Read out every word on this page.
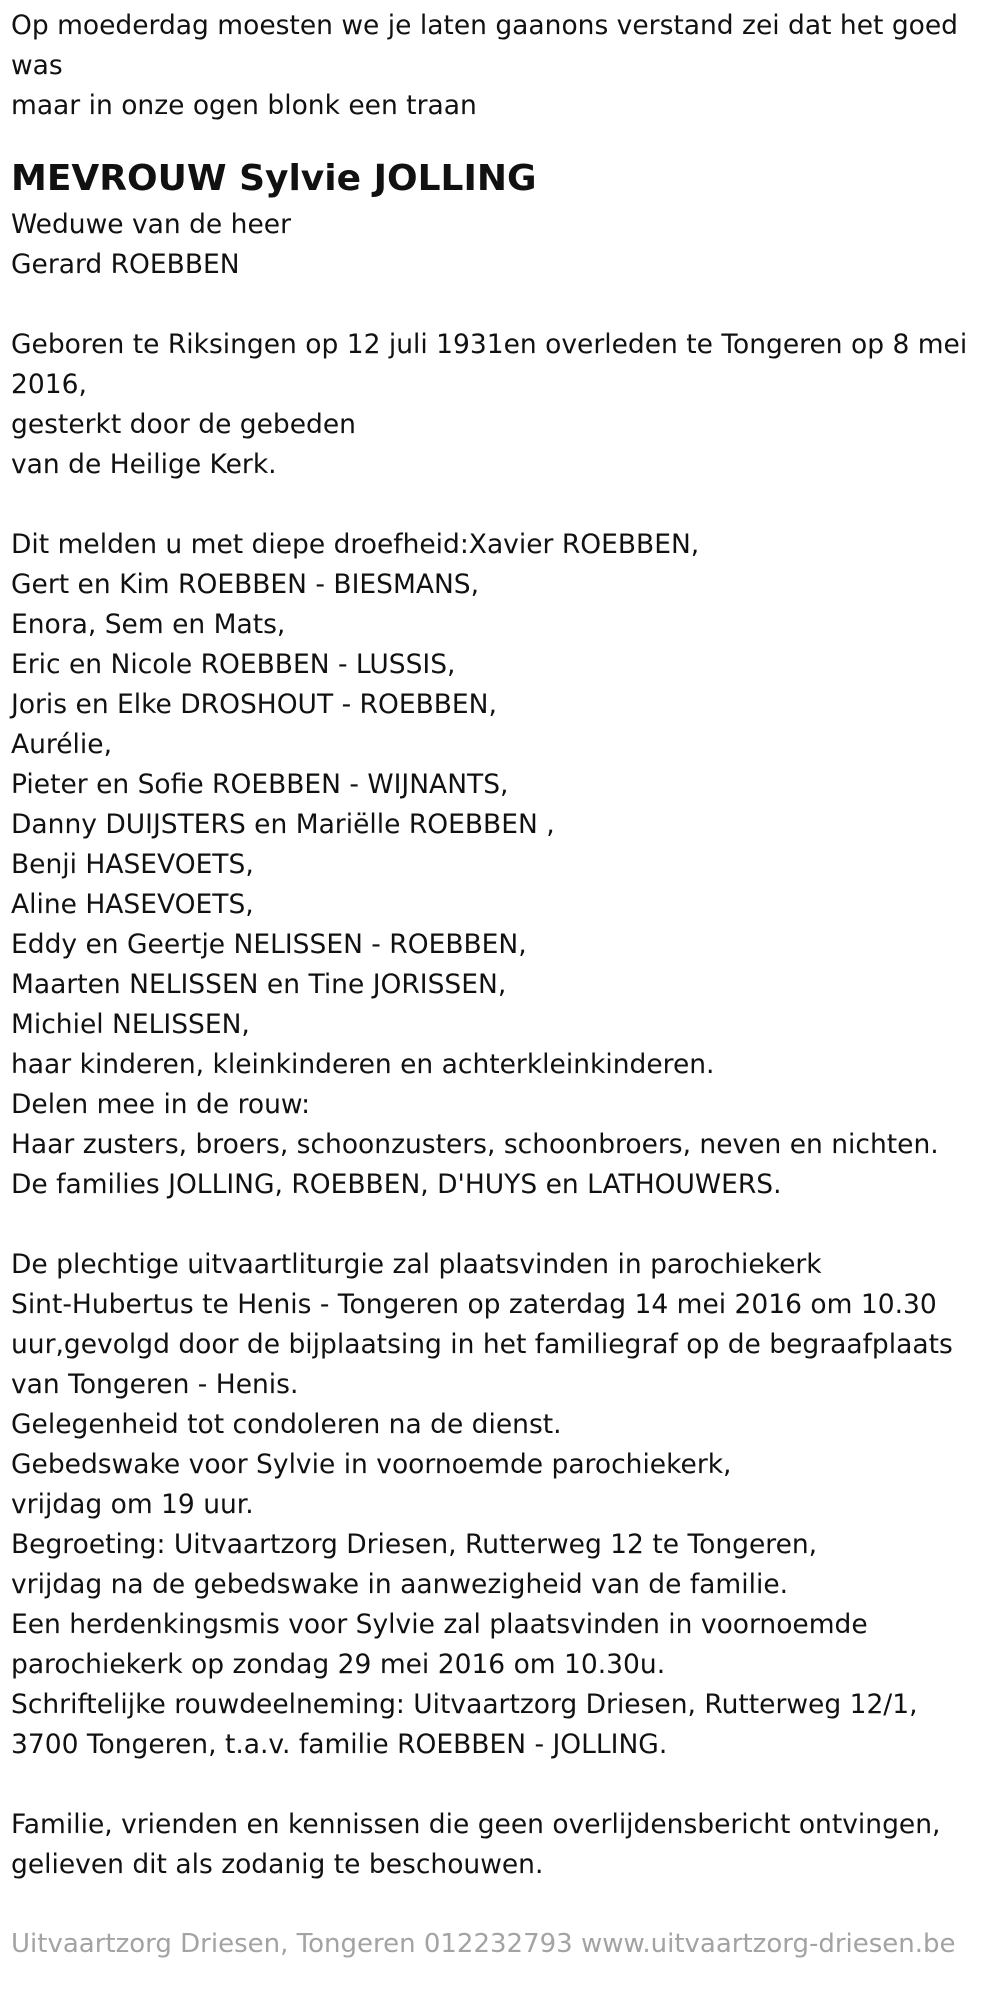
Op moederdag moesten we je laten gaanons verstand zei dat het goed was
maar in onze ogen blonk een traan
MEVROUW Sylvie JOLLING
Weduwe van de heer
Gerard ROEBBEN
Geboren te Riksingen op 12 juli 1931en overleden te Tongeren op 8 mei
2016,
gesterkt door de gebeden
van de Heilige Kerk.
Dit melden u met diepe droefheid:Xavier ROEBBEN,
Gert en Kim ROEBBEN - BIESMANS,
Enora, Sem en Mats,
Eric en Nicole ROEBBEN - LUSSIS,
Joris en Elke DROSHOUT - ROEBBEN,
Aurélie,
Pieter en Sofie ROEBBEN - WIJNANTS,
Danny DUIJSTERS en Mariëlle ROEBBEN ,
Benji HASEVOETS,
Aline HASEVOETS,
Eddy en Geertje NELISSEN - ROEBBEN,
Maarten NELISSEN en Tine JORISSEN,
Michiel NELISSEN,
haar kinderen, kleinkinderen en achterkleinkinderen.
Delen mee in de rouw:
Haar zusters, broers, schoonzusters, schoonbroers, neven en nichten.
De families JOLLING, ROEBBEN, D'HUYS en LATHOUWERS.
De plechtige uitvaartliturgie zal plaatsvinden in parochiekerk
Sint-Hubertus te Henis - Tongeren op zaterdag 14 mei 2016 om 10.30
uur,gevolgd door de bijplaatsing in het familiegraf op de begraafplaats
van Tongeren - Henis.
Gelegenheid tot condoleren na de dienst.
Gebedswake voor Sylvie in voornoemde parochiekerk,
vrijdag om 19 uur.
Begroeting: Uitvaartzorg Driesen, Rutterweg 12 te Tongeren,
vrijdag na de gebedswake in aanwezigheid van de familie.
Een herdenkingsmis voor Sylvie zal plaatsvinden in voornoemde
parochiekerk op zondag 29 mei 2016 om 10.30u.
Schriftelijke rouwdeelneming: Uitvaartzorg Driesen, Rutterweg 12/1,
3700 Tongeren, t.a.v. familie ROEBBEN - JOLLING.
Familie, vrienden en kennissen die geen overlijdensbericht ontvingen,
gelieven dit als zodanig te beschouwen.
Uitvaartzorg Driesen, Tongeren 012232793 www.uitvaartzorg-driesen.be
